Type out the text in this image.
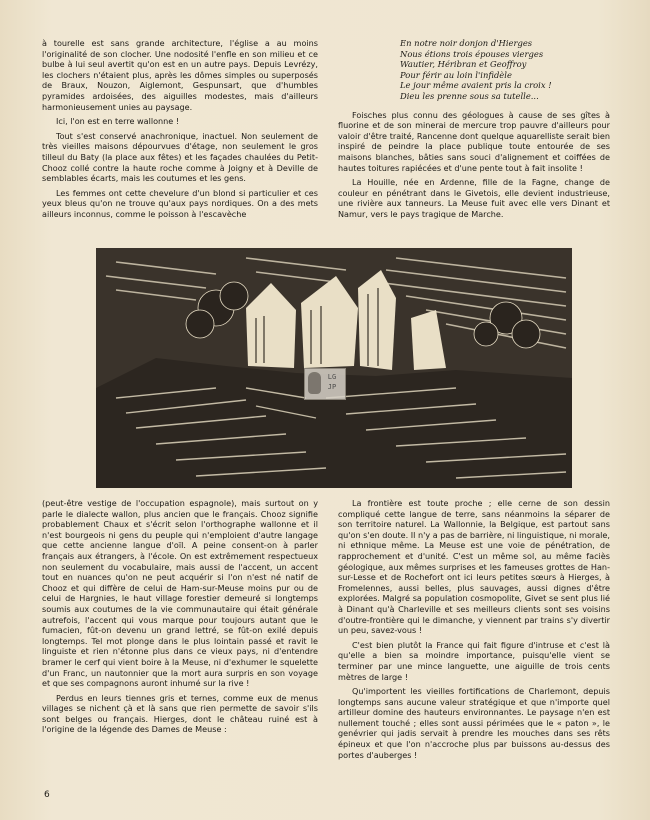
à tourelle est sans grande architecture, l'église a au moins l'originalité de son clocher. Une nodosité l'enfle en son milieu et ce bulbe à lui seul avertit qu'on est en un autre pays. Depuis Levrézy, les clochers n'étaient plus, après les dômes simples ou superposés de Braux, Nouzon, Aiglemont, Gespunsart, que d'humbles pyramides ardoisées, des aiguilles modestes, mais d'ailleurs harmonieusement unies au paysage.

Ici, l'on est en terre wallonne !

Tout s'est conservé anachronique, inactuel. Non seulement de très vieilles maisons dépourvues d'étage, non seulement le gros tilleul du Baty (la place aux fêtes) et les façades chaulées du Petit-Chooz collé contre la haute roche comme à Joigny et à Deville de semblables écarts, mais les coutumes et les gens.

Les femmes ont cette chevelure d'un blond si particulier et ces yeux bleus qu'on ne trouve qu'aux pays nordiques. On a des mets ailleurs inconnus, comme le poisson à l'escavèche

En notre noir donjon d'Hierges
Nous étions trois épouses vierges
Wautier, Héribran et Geoffroy
Pour férir au loin l'infidèle
Le jour même avaient pris la croix !
Dieu les prenne sous sa tutelle...

Foisches plus connu des géologues à cause de ses gîtes à fluorine et de son minerai de mercure trop pauvre d'ailleurs pour valoir d'être traité, Rancenne dont quelque aquarelliste serait bien inspiré de peindre la place publique toute entourée de ses maisons blanches, bâties sans souci d'alignement et coiffées de hautes toitures rapiécées et d'une pente tout à fait insolite !

La Houille, née en Ardenne, fille de la Fagne, change de couleur en pénétrant dans le Givetois, elle devient industrieuse, une rivière aux tanneurs. La Meuse fuit avec elle vers Dinant et Namur, vers le pays tragique de Marche.

LG
JP

(peut-être vestige de l'occupation espagnole), mais surtout on y parle le dialecte wallon, plus ancien que le français. Chooz signifie probablement Chaux et s'écrit selon l'orthographe wallonne et il n'est bourgeois ni gens du peuple qui n'emploient d'autre langage que cette ancienne langue d'oïl. A peine consent-on à parler français aux étrangers, à l'école. On est extrêmement respectueux non seulement du vocabulaire, mais aussi de l'accent, un accent tout en nuances qu'on ne peut acquérir si l'on n'est né natif de Chooz et qui diffère de celui de Ham-sur-Meuse moins pur ou de celui de Hargnies, le haut village forestier demeuré si longtemps soumis aux coutumes de la vie communautaire qui était générale autrefois, l'accent qui vous marque pour toujours autant que le fumacien, fût-on devenu un grand lettré, se fût-on exilé depuis longtemps. Tel mot plonge dans le plus lointain passé et ravit le linguiste et rien n'étonne plus dans ce vieux pays, ni d'entendre bramer le cerf qui vient boire à la Meuse, ni d'exhumer le squelette d'un Franc, un nautonnier que la mort aura surpris en son voyage et que ses compagnons auront inhumé sur la rive !

Perdus en leurs tiennes gris et ternes, comme eux de menus villages se nichent çà et là sans que rien permette de savoir s'ils sont belges ou français. Hierges, dont le château ruiné est à l'origine de la légende des Dames de Meuse :

La frontière est toute proche ; elle cerne de son dessin compliqué cette langue de terre, sans néanmoins la séparer de son territoire naturel. La Wallonnie, la Belgique, est partout sans qu'on s'en doute. Il n'y a pas de barrière, ni linguistique, ni morale, ni ethnique même. La Meuse est une voie de pénétration, de rapprochement et d'unité. C'est un même sol, au même faciès géologique, aux mêmes surprises et les fameuses grottes de Han-sur-Lesse et de Rochefort ont ici leurs petites sœurs à Hierges, à Fromelennes, aussi belles, plus sauvages, aussi dignes d'être explorées. Malgré sa population cosmopolite, Givet se sent plus lié à Dinant qu'à Charleville et ses meilleurs clients sont ses voisins d'outre-frontière qui le dimanche, y viennent par trains s'y divertir un peu, savez-vous !

C'est bien plutôt la France qui fait figure d'intruse et c'est là qu'elle a bien sa moindre importance, puisqu'elle vient se terminer par une mince languette, une aiguille de trois cents mètres de large !

Qu'importent les vieilles fortifications de Charlemont, depuis longtemps sans aucune valeur stratégique et que n'importe quel artilleur domine des hauteurs environnantes. Le paysage n'en est nullement touché ; elles sont aussi périmées que le « paton », le genévrier qui jadis servait à prendre les mouches dans ses rêts épineux et que l'on n'accroche plus par buissons au-dessus des portes d'auberges !

6
